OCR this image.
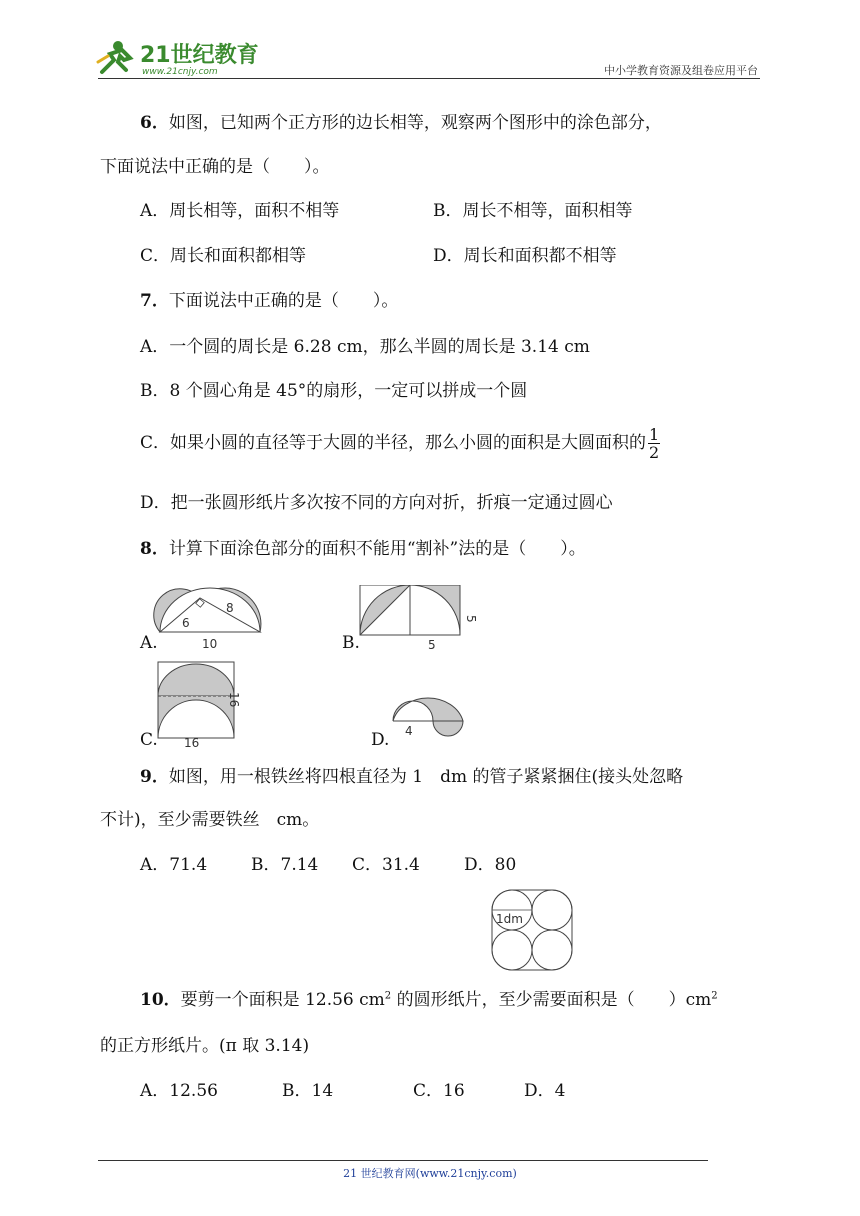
21世纪教育
www.21cnjy.com	中小学教育资源及组卷应用平台
6．如图，已知两个正方形的边长相等，观察两个图形中的涂色部分，
下面说法中正确的是（　　）。
A．周长相等，面积不相等	B．周长不相等，面积相等
C．周长和面积都相等	D．周长和面积都不相等
7．下面说法中正确的是（　　）。
A．一个圆的周长是 6.28 cm，那么半圆的周长是 3.14 cm
B．8 个圆心角是 45°的扇形，一定可以拼成一个圆
C．如果小圆的直径等于大圆的半径，那么小圆的面积是大圆面积的 $\frac{1}{2}$
D．把一张圆形纸片多次按不同的方向对折，折痕一定通过圆心
8．计算下面涂色部分的面积不能用“割补”法的是（　　）。
6
8
10
A.	5
5
B.
16
16
C.	4
D.
9．如图，用一根铁丝将四根直径为 1　dm 的管子紧紧捆住(接头处忽略
不计)，至少需要铁丝　cm。
A．71.4	B．7.14 C．31.4	D．80
1dm
10．要剪一个面积是 12.56 $cm^2$ 的圆形纸片，至少需要面积是（　　）$cm^2$
的正方形纸片。(π 取 3.14)
A．12.56	B．14	C．16	D．4
21 世纪教育网(www.21cnjy.com)
